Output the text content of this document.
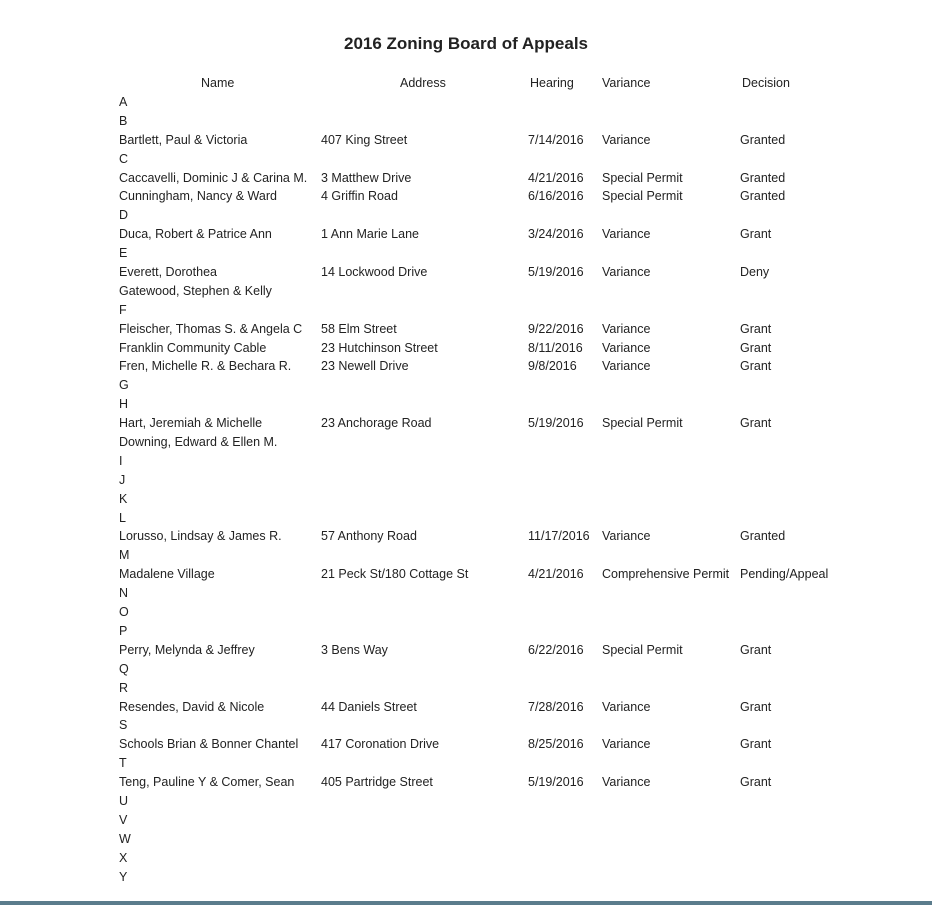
2016 Zoning Board of Appeals
Name	Address	Hearing Variance	Decision
A
B
Bartlett, Paul & Victoria	407 King Street	7/14/2016 Variance	Granted
C
Caccavelli, Dominic J & Carina M. 3 Matthew Drive	4/21/2016 Special Permit	Granted
Cunningham, Nancy & Ward	4 Griffin Road	6/16/2016 Special Permit	Granted
D
Duca, Robert & Patrice Ann	1 Ann Marie Lane	3/24/2016 Variance	Grant
E
Everett, Dorothea	14 Lockwood Drive	5/19/2016 Variance	Deny
Gatewood, Stephen & Kelly
F
Fleischer, Thomas S. & Angela C 58 Elm Street	9/22/2016 Variance	Grant
Franklin Community Cable	23 Hutchinson Street	8/11/2016 Variance	Grant
Fren, Michelle R. & Bechara R. 23 Newell Drive	9/8/2016 Variance	Grant
G
H
Hart, Jeremiah & Michelle	23 Anchorage Road	5/19/2016 Special Permit	Grant
Downing, Edward & Ellen M.
I
J
K
L
Lorusso, Lindsay & James R.	57 Anthony Road	11/17/2016 Variance	Granted
M
Madalene Village	21 Peck St/180 Cottage St	4/21/2016 Comprehensive Permit Pending/Appeal
N
O
P
Perry, Melynda & Jeffrey	3 Bens Way	6/22/2016 Special Permit	Grant
Q
R
Resendes, David & Nicole	44 Daniels Street	7/28/2016 Variance	Grant
S
Schools Brian & Bonner Chantel 417 Coronation Drive	8/25/2016 Variance	Grant
T
Teng, Pauline Y & Comer, Sean 405 Partridge Street	5/19/2016 Variance	Grant
U
V
W
X
Y
